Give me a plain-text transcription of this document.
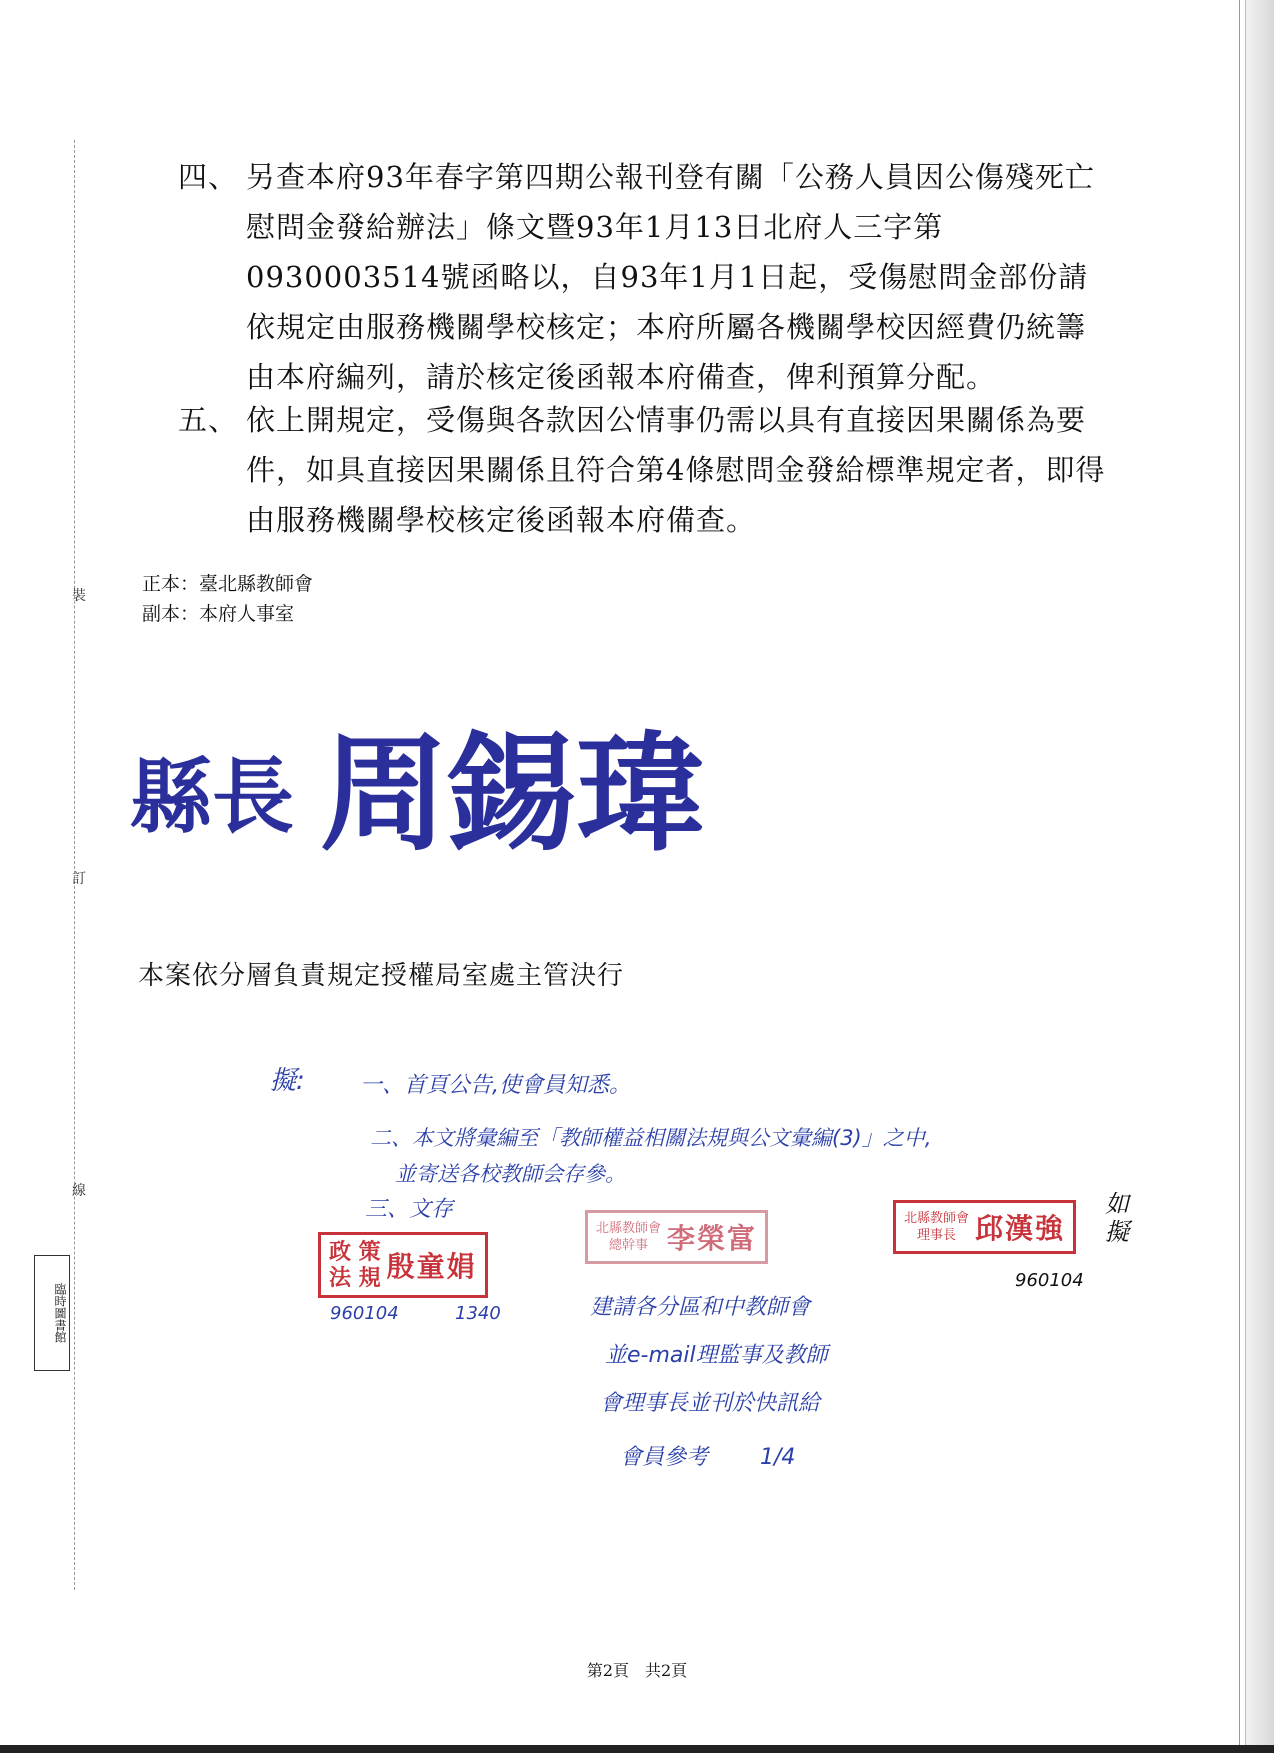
裝
訂
線
四、 另查本府93年春字第四期公報刊登有關「公務人員因公傷殘死亡慰問金發給辦法」條文暨93年1月13日北府人三字第0930003514號函略以，自93年1月1日起，受傷慰問金部份請依規定由服務機關學校核定；本府所屬各機關學校因經費仍統籌由本府編列，請於核定後函報本府備查，俾利預算分配。
五、 依上開規定，受傷與各款因公情事仍需以具有直接因果關係為要件，如具直接因果關係且符合第4條慰問金發給標準規定者，即得由服務機關學校核定後函報本府備查。
正本：臺北縣教師會
副本：本府人事室
縣長 周錫瑋
本案依分層負責規定授權局室處主管決行
擬:	一、首頁公告,使會員知悉。
二、本文將彙編至「教師權益相關法規與公文彙編(3)」之中,
並寄送各校教師会存參。
三、文存
政 策
法 規 殷童娟
960104	1340
北縣教師會
總幹事 李榮富
北縣教師會
理事長 邱漢強
如擬
960104
建請各分區和中教師會
並e-mail理監事及教師
會理事長並刊於快訊給
會員參考 1/4
臨時圖書館
第2頁　共2頁
